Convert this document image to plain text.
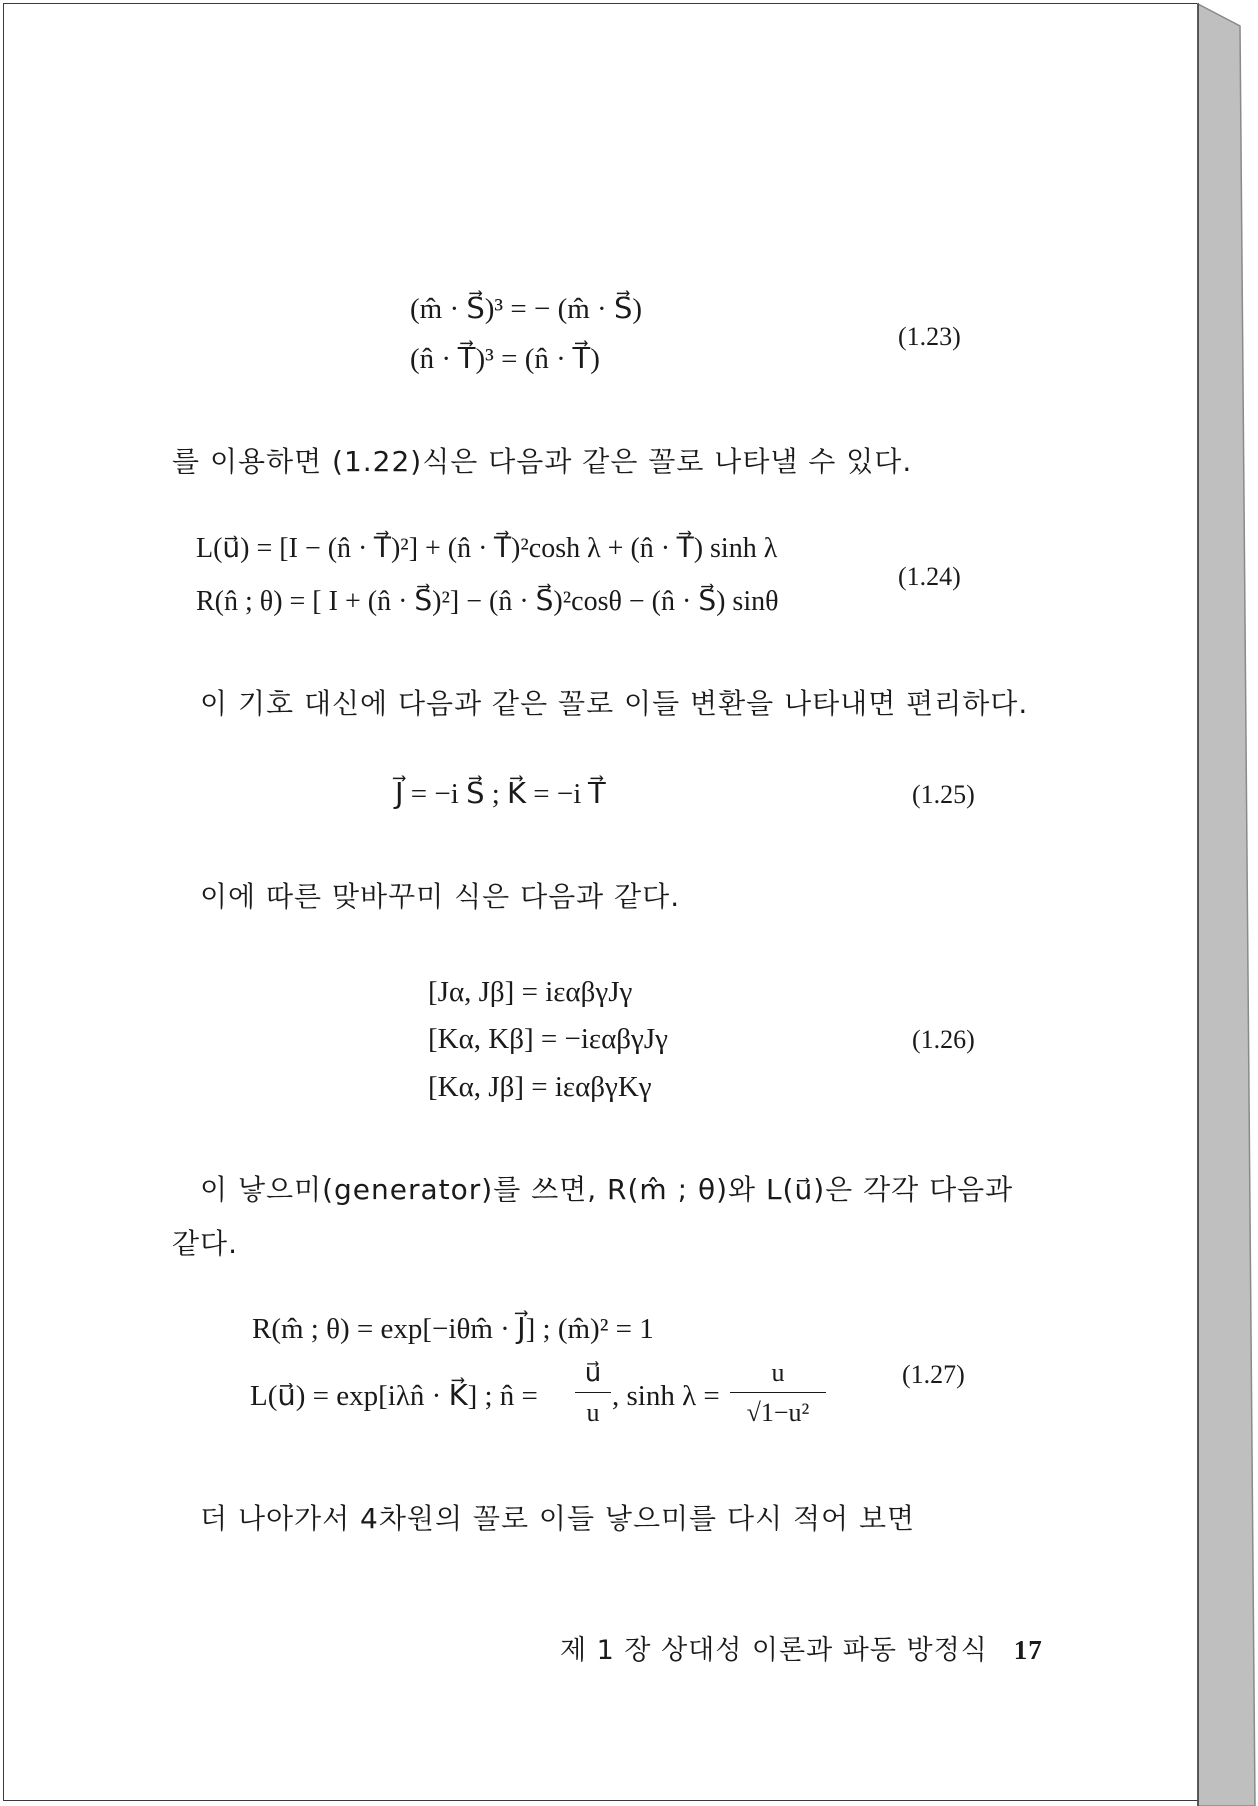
(m̂ · S⃗)³ = − (m̂ · S⃗)
(n̂ · T⃗)³ = (n̂ · T⃗)
(1.23)
를 이용하면 (1.22)식은 다음과 같은 꼴로 나타낼 수 있다.
L(u⃗) = [I − (n̂ · T⃗)²] + (n̂ · T⃗)²cosh λ + (n̂ · T⃗) sinh λ
R(n̂ ; θ) = [ I + (n̂ · S⃗)²] − (n̂ · S⃗)²cosθ − (n̂ · S⃗) sinθ
(1.24)
이 기호 대신에 다음과 같은 꼴로 이들 변환을 나타내면 편리하다.
J⃗ = −i S⃗ ; K⃗ = −i T⃗	(1.25)
이에 따른 맞바꾸미 식은 다음과 같다.
[Jα, Jβ] = iεαβγJγ
[Kα, Kβ] = −iεαβγJγ
[Kα, Jβ] = iεαβγKγ
(1.26)
이 낳으미(generator)를 쓰면, R(m̂ ; θ)와 L(u⃗)은 각각 다음과
같다.
R(m̂ ; θ) = exp[−iθm̂ · J⃗] ; (m̂)² = 1
L(u⃗) = exp[iλn̂ · K⃗] ; n̂ =
u⃗
u
, sinh λ =
u
√1−u²
(1.27)
더 나아가서 4차원의 꼴로 이들 낳으미를 다시 적어 보면
제 1 장 상대성 이론과 파동 방정식 17
